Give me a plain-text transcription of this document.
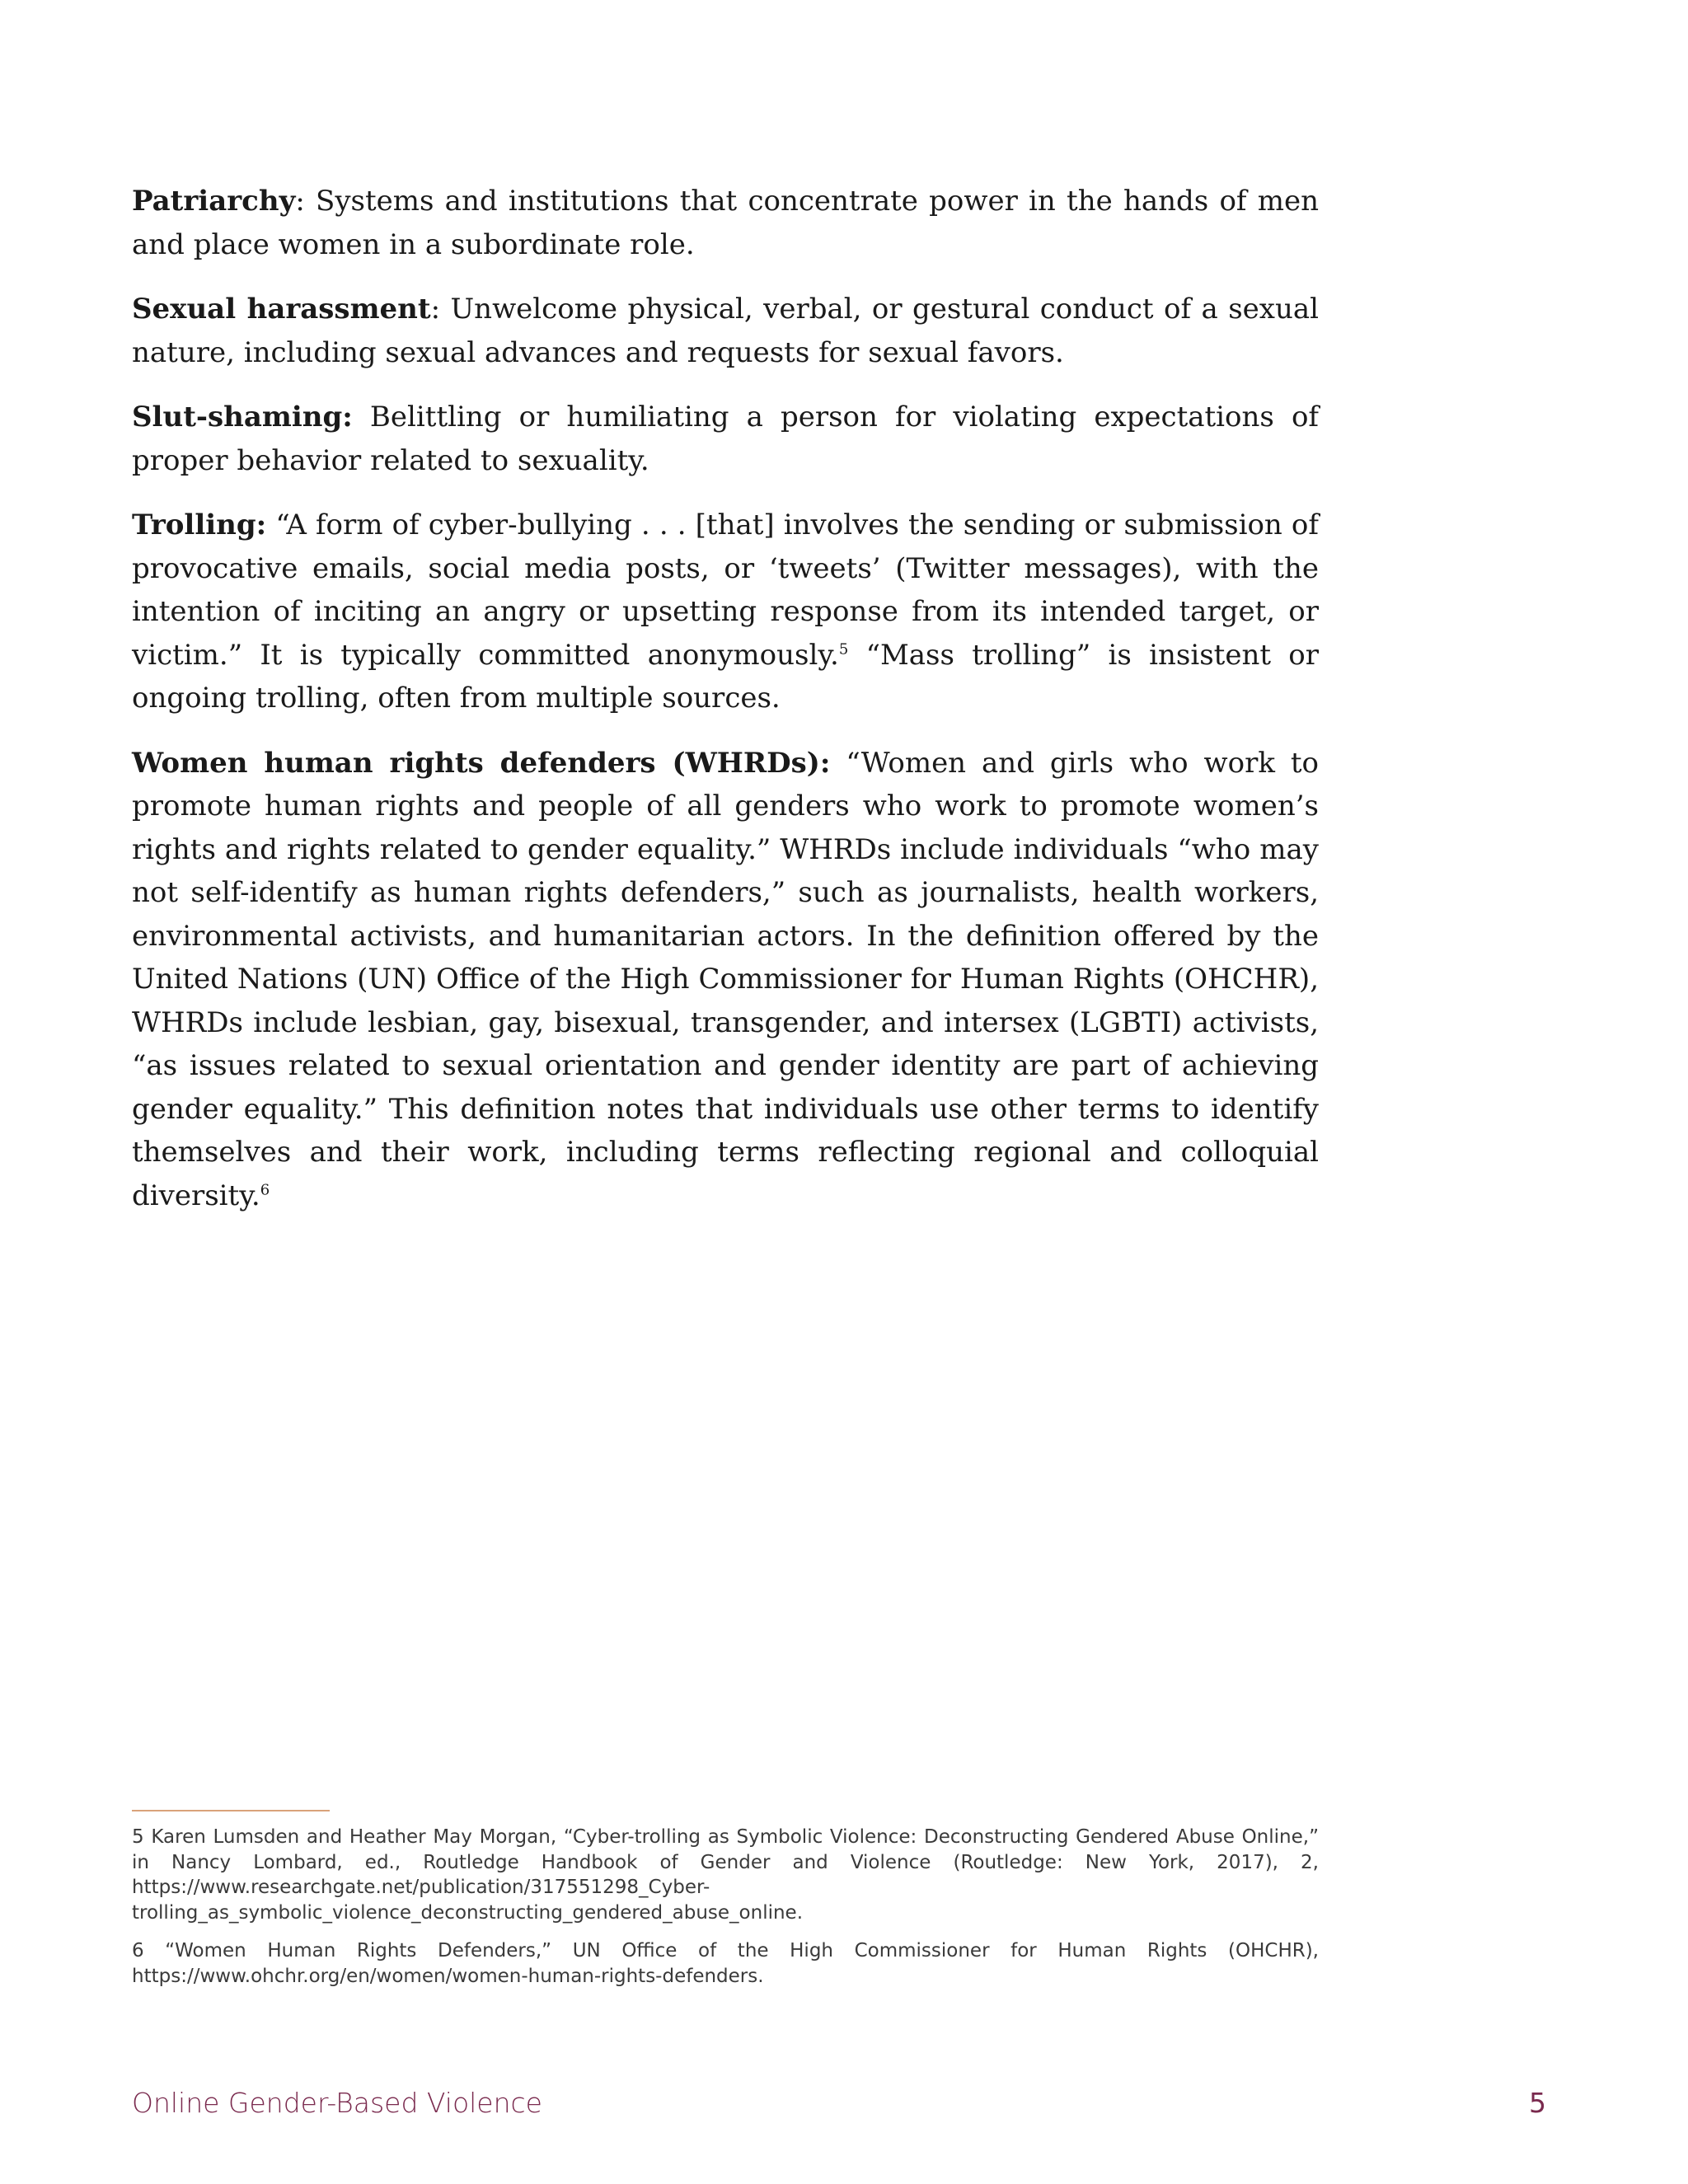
Patriarchy: Systems and institutions that concentrate power in the hands of men and place women in a subordinate role.

Sexual harassment: Unwelcome physical, verbal, or gestural conduct of a sexual nature, including sexual advances and requests for sexual favors.

Slut-shaming: Belittling or humiliating a person for violating expectations of proper behavior related to sexuality.

Trolling: “A form of cyber-bullying . . . [that] involves the sending or submission of provocative emails, social media posts, or ‘tweets’ (Twitter messages), with the intention of inciting an angry or upsetting response from its intended target, or victim.” It is typically committed anonymously.$^5$ “Mass trolling” is insistent or ongoing trolling, often from multiple sources.

Women human rights defenders (WHRDs): “Women and girls who work to promote human rights and people of all genders who work to promote women’s rights and rights related to gender equality.” WHRDs include individuals “who may not self-identify as human rights defenders,” such as journalists, health workers, environmental activists, and humanitarian actors. In the definition offered by the United Nations (UN) Office of the High Commissioner for Human Rights (OHCHR), WHRDs include lesbian, gay, bisexual, transgender, and intersex (LGBTI) activists, “as issues related to sexual orientation and gender identity are part of achieving gender equality.” This definition notes that individuals use other terms to identify themselves and their work, including terms reflecting regional and colloquial diversity.$^6$

5 Karen Lumsden and Heather May Morgan, “Cyber-trolling as Symbolic Violence: Deconstructing Gendered Abuse Online,” in Nancy Lombard, ed., Routledge Handbook of Gender and Violence (Routledge: New York, 2017), 2, https://www.researchgate.net/publication/317551298_Cyber-trolling_as_symbolic_violence_deconstructing_gendered_abuse_online.

6 “Women Human Rights Defenders,” UN Office of the High Commissioner for Human Rights (OHCHR), https://www.ohchr.org/en/women/women-human-rights-defenders.

Online Gender-Based Violence	5
